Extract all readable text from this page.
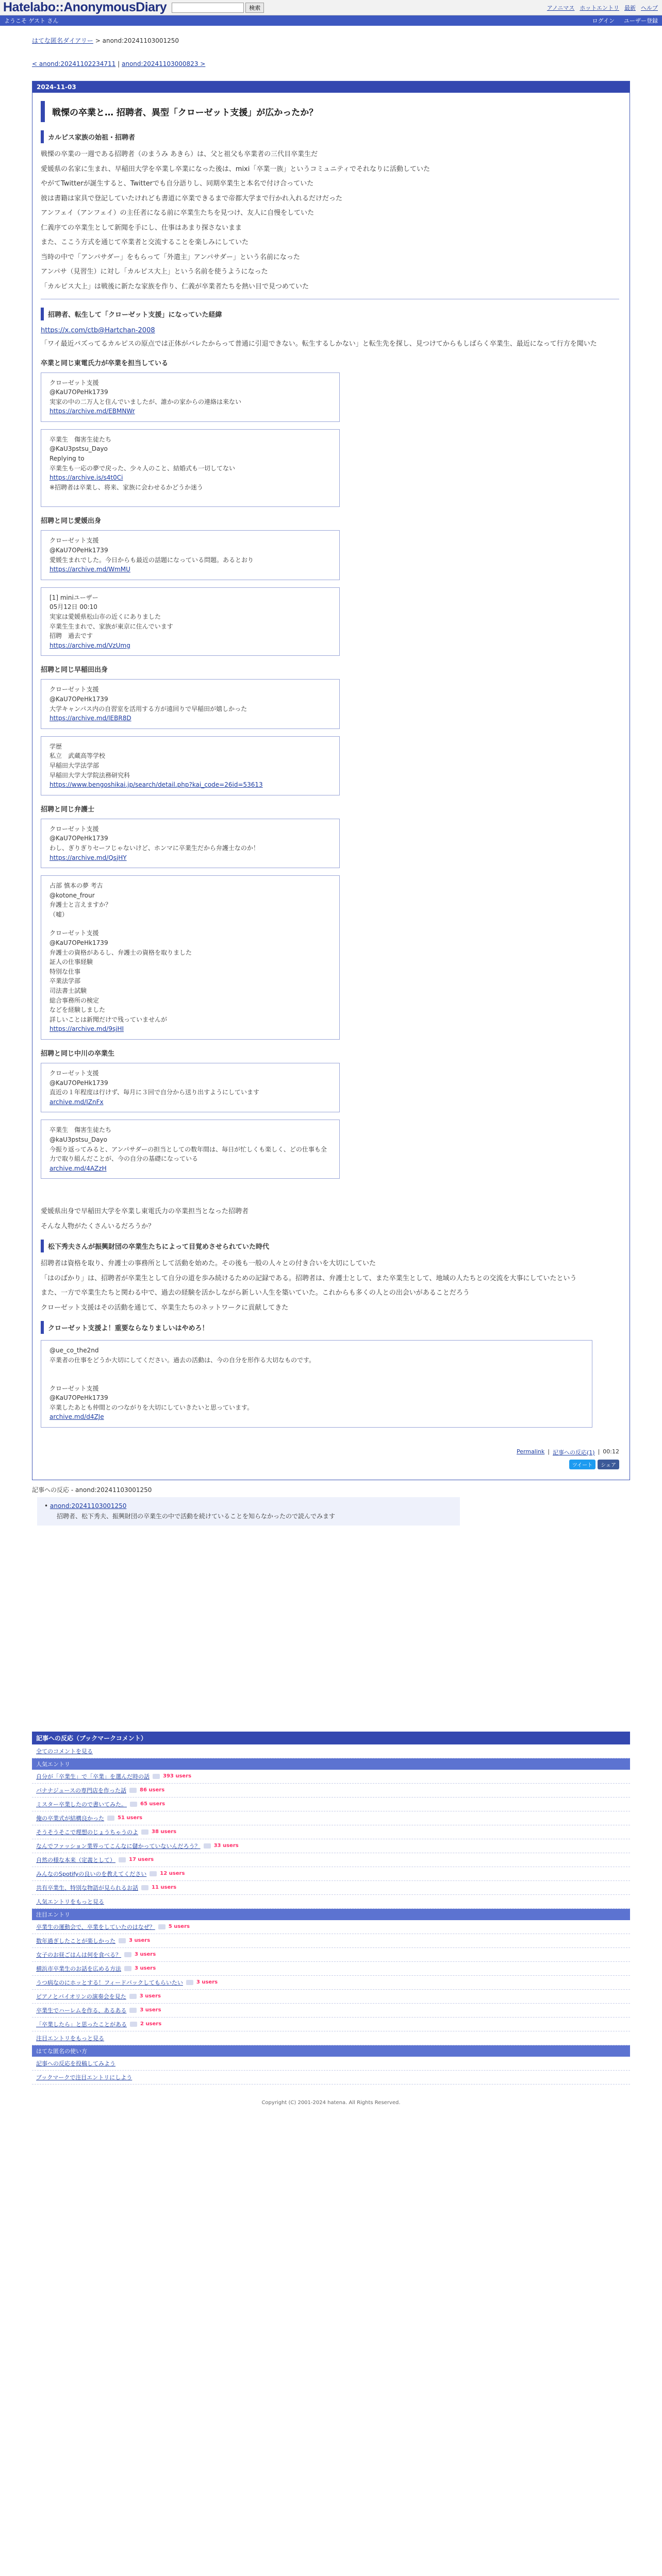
Hatelabo::AnonymousDiary	検索	アノニマス ホットエントリ 最新 ヘルプ
ようこそ ゲスト さん	ログイン ユーザー登録
はてな匿名ダイアリー > anond:20241103001250
< anond:20241102234711 | anond:20241103000823 >
2024-11-03
戦慄の卒業と… 招聘者、異型「クローゼット支援」が広かったか？
カルピス家族の始祖・招聘者

戦慄の卒業の一週である招聘者（のまうみ あきら）は、父と祖父も卒業者の三代目卒業生だ

愛媛県の名家に生まれ、早稲田大学を卒業し卒業になった後は、mixi「卒業一族」というコミュニティでそれなりに活動していた

やがてTwitterが誕生すると、Twitterでも自分語りし、同期卒業生と本名で付け合っていた

彼は書籍は家具で登記していたけれども書道に卒業できるまで帝都大学まで行かれ入れるだけだった

アンフェイ（アンフェイ）の主任者になる前に卒業生たちを見つけ、友人に自慢をしていた

仁義序ての卒業生として新聞を手にし、仕事はあまり探さないまま

また、ここう方式を通じて卒業者と交流することを楽しみにしていた

当時の中で「アンパサダー」をもらって「外遣主」アンパサダー」という名前になった

アンパサ（見習生）に対し「カルピス大上」という名前を使うようになった

「カルピス大上」は戦後に新たな家族を作り、仁義が卒業者たちを熱い目で見つめていた

招聘者、転生して「クローゼット支援」になっていた経緯
https://x.com/ctb@Hartchan-2008

「ワイ最近バズってるカルピスの原点では正体がバレたからって普通に引退できない。転生するしかない」と転生先を探し、見つけてからもしばらく卒業生、最近になって行方を聞いた

卒業と同じ東電氏力が卒業を担当している
クローゼット支援
@KaU7OPeHk1739
実家の中の二万人と住んでいましたが、誰かの家からの連絡は来ない
https://archive.md/EBMNWr
卒業生　傷害生徒たち
@KaU3pstsu_Dayo
Replying to
卒業生も一応の夢で戻った、少々人のこと、結婚式も一切してない
https://archive.is/s4t0Ci
※招聘者は卒業し、将来、家族に会わせるかどうか迷う
招聘と同じ愛媛出身
クローゼット支援
@KaU7OPeHk1739
愛媛生まれでした。今日からも最近の話題になっている問題。あるとおり
https://archive.md/WmMU
[1] miniユーザー
05月12日 00:10
実家は愛媛県松山市の近くにありました
卒業生生まれで、家族が東京に住んでいます
招聘　過去です
https://archive.md/VzUmg
招聘と同じ早稲田出身
クローゼット支援
@KaU7OPeHk1739
大学キャンパス内の自習室を活用する方が遠回りで早稲田が嬉しかった
https://archive.md/lEBR8D
学歴
私立　武蔵高等学校
早稲田大学法学部
早稲田大学大学院法務研究科
https://www.bengoshikai.jp/search/detail.php?kai_code=26id=53613
招聘と同じ弁護士
クローゼット支援
@KaU7OPeHk1739
わし、ぎりぎりセーフじゃないけど、ホンマに卒業生だから弁護士なのか！
https://archive.md/QsjHY
占部 慎本の夢 考古
@kotone_frour
弁護士と言えますか？
（嘘）
クローゼット支援
@KaU7OPeHk1739
弁護士の資格があるし、弁護士の資格を取りました
証人の仕事経験
特別な仕事
卒業法学部
司法書士試験
総合事務所の検定
などを経験しました
詳しいことは新聞だけで残っていませんが
https://archive.md/9sjHI
招聘と同じ中川の卒業生
クローゼット支援
@KaU7OPeHk1739
直近の１年程度は行けず、毎月に３回で自分から送り出すようにしています
archive.md/IZnFx
卒業生　傷害生徒たち
@kaU3pstsu_Dayo
今振り返ってみると、アンパサダーの担当としての数年間は、毎日が忙しくも楽しく、どの仕事も全力で取り組んだことが、今の自分の基礎になっている
archive.md/4AZzH

愛媛県出身で早稲田大学を卒業し東電氏力の卒業担当となった招聘者

そんな人物がたくさんいるだろうか？

松下秀夫さんが振興財団の卒業生たちによって目覚めさせられていた時代

招聘者は資格を取り、弁護士の事務所として活動を始めた。その後も一般の人々との付き合いを大切にしていた

「はのばかり」は、招聘者が卒業生として自分の道を歩み続けるための記録である。招聘者は、弁護士として、また卒業生として、地域の人たちとの交流を大事にしていたという

また、一方で卒業生たちと関わる中で、過去の経験を活かしながら新しい人生を築いていた。これからも多くの人との出会いがあることだろう

クローゼット支援はその活動を通じて、卒業生たちのネットワークに貢献してきた

クローゼット支援よ！重要ならなりましいはやめろ！
@ue_co_the2nd
卒業者の仕事をどうか大切にしてください。過去の活動は、今の自分を形作る大切なものです。
クローゼット支援
@KaU7OPeHk1739
卒業したあとも仲間とのつながりを大切にしていきたいと思っています。
archive.md/d4ZJe
Permalink | 記事への反応(1) | 00:12
ツイート	シェア
記事への反応 - anond:20241103001250
• anond:20241103001250
招聘者、松下秀夫、振興財団の卒業生の中で活動を続けていることを知らなかったので読んでみます
記事への反応（ブックマークコメント）
全てのコメントを見る
人気エントリ
自分が「卒業生」で「卒業」を選んだ時の話	393 users
バナナジュースの専門店を作った話	86 users
ミスター卒業したので書いてみた。	65 users
俺の卒業式が結構良かった	51 users
そうそうそこで理想のじょうちゃうのよ	38 users
なんでファッション業界ってこんなに儲かっていないんだろう？	33 users
自然の様な本来（定義として）	17 users
みんなのSpotifyの良いのを教えてください	12 users
共有卒業生、特別な物語が見られるお話	11 users
人気エントリをもっと見る
注目エントリ
卒業生の運動会で、卒業をしていたのはなぜ？	5 users
数年過ぎしたことが楽しかった	3 users
女子のお昼ごはんは何を食べる？	3 users
横浜市卒業生のお話を広める方法	3 users
うつ病なのにホッとする！フィードバックしてもらいたい	3 users
ピアノとバイオリンの演奏会を見た	3 users
卒業生でハーレムを作る、あるある	3 users
「卒業したら」と思ったことがある	2 users
注目エントリをもっと見る
はてな匿名の使い方
記事への反応を投稿してみよう
ブックマークで注目エントリにしよう
Copyright (C) 2001-2024 hatena. All Rights Reserved.
